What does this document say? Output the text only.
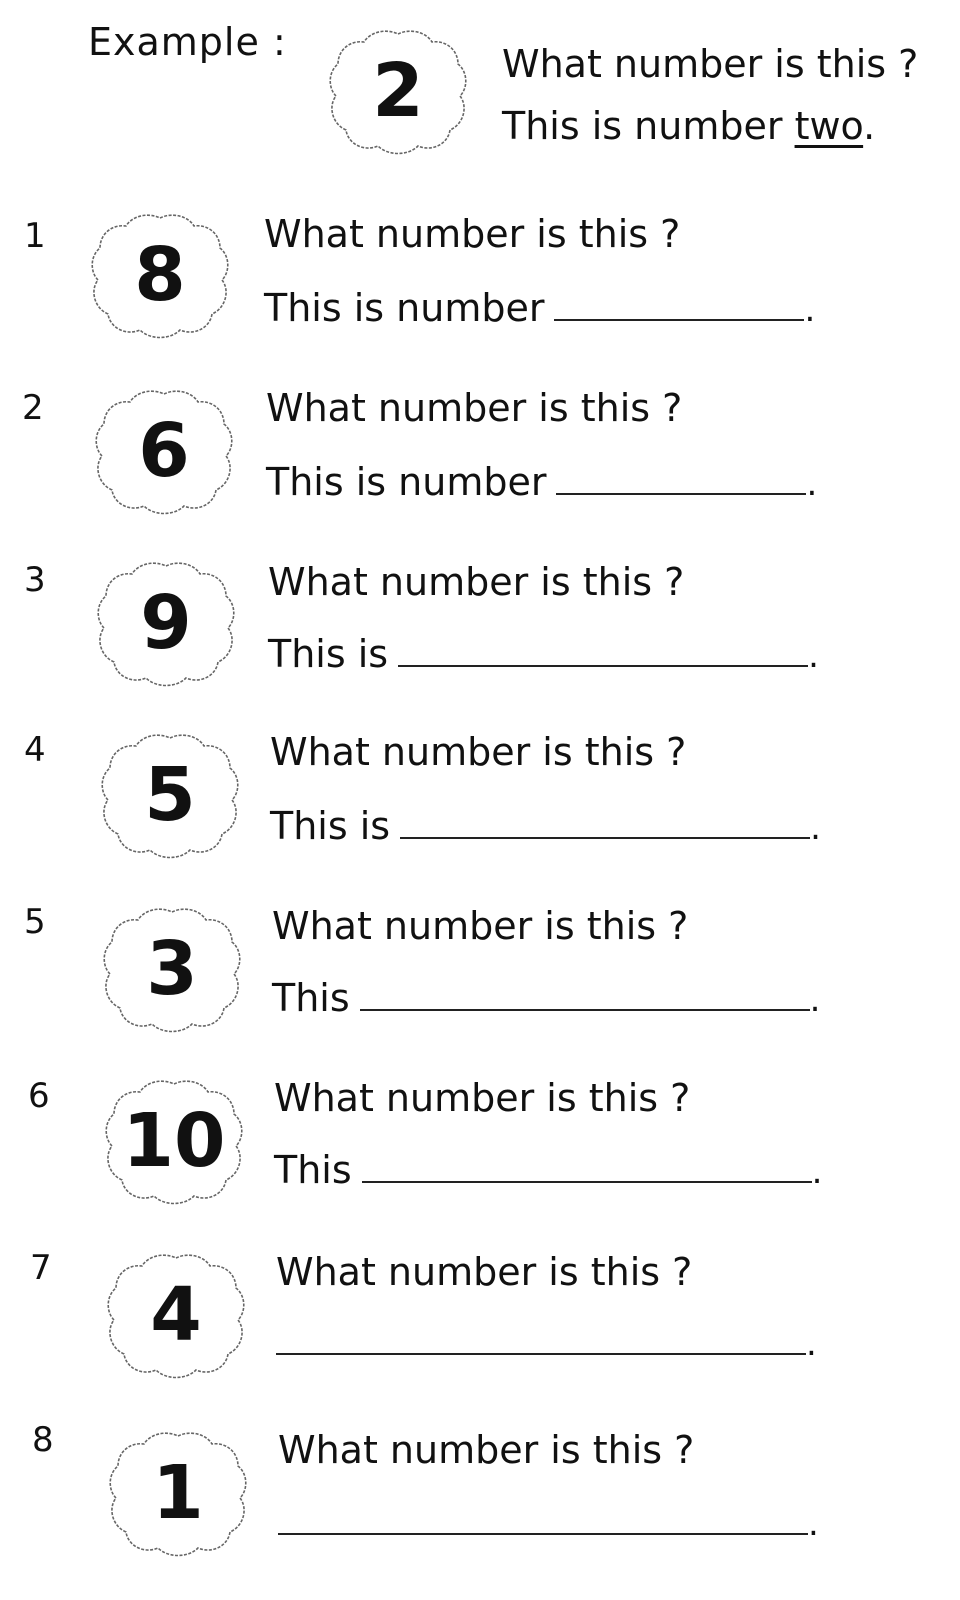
Example :
2	What number is this ?
This is number two.
1	8	What number is this ?
This is number	.
2	6	What number is this ?
This is number	.
3	9	What number is this ?
This is	.
4
5	What number is this ?
This is	.
5
3	What number is this ?
This	.
6
10	What number is this ?
This	.
7
4	What number is this ?
.
8
1	What number is this ?
.
